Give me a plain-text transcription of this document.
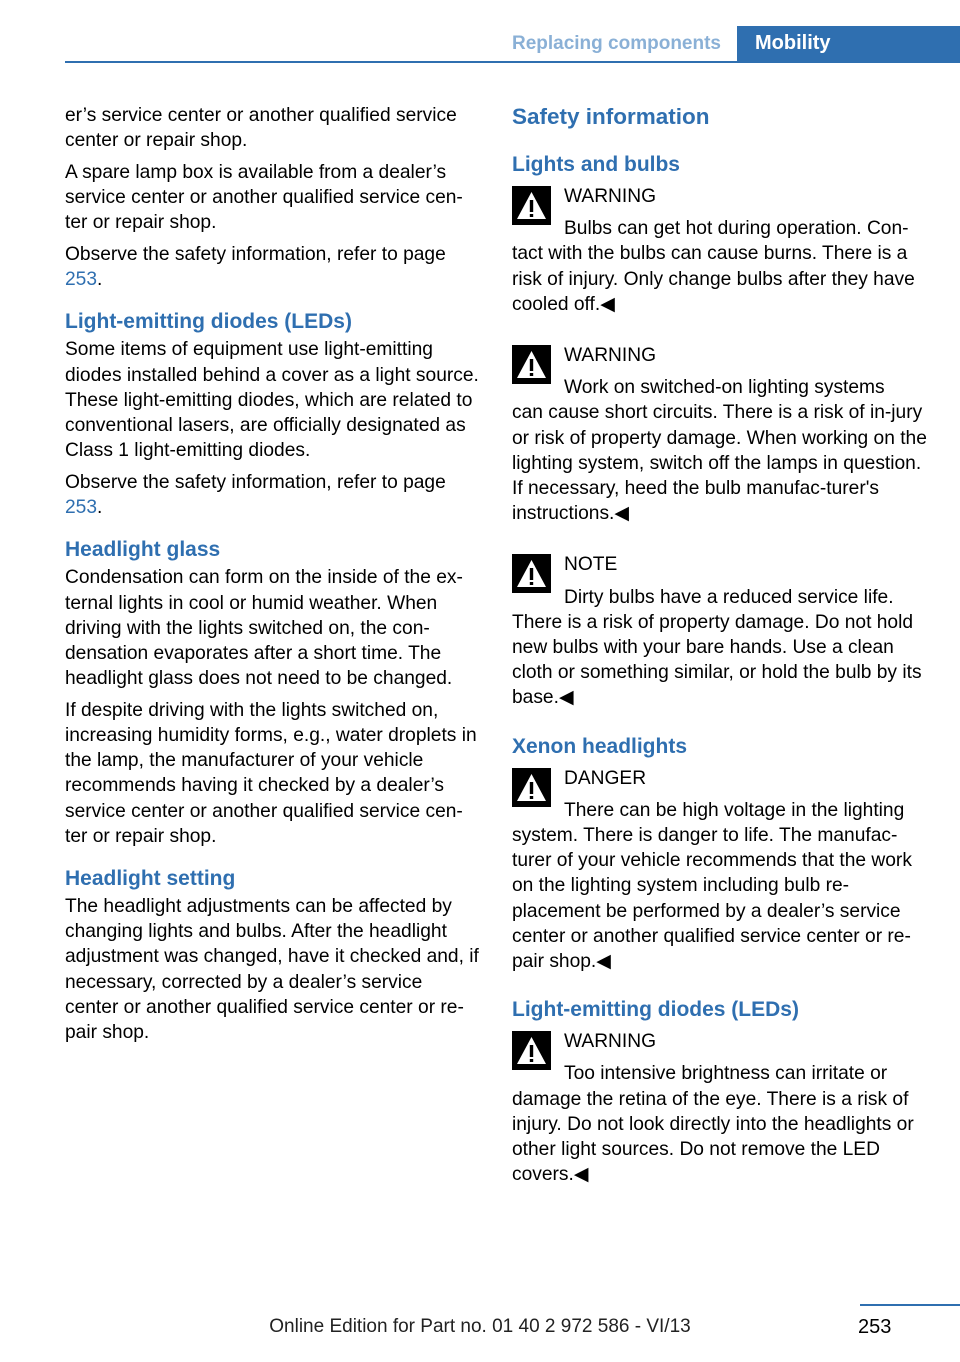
Replacing components	Mobility

er’s service center or another qualified service center or repair shop.

A spare lamp box is available from a dealer’s service center or another qualified service cen‐ter or repair shop.

Observe the safety information, refer to page 253.

Light-emitting diodes (LEDs)

Some items of equipment use light-emitting diodes installed behind a cover as a light source. These light-emitting diodes, which are related to conventional lasers, are officially designated as Class 1 light-emitting diodes.

Observe the safety information, refer to page 253.

Headlight glass

Condensation can form on the inside of the ex‐ternal lights in cool or humid weather. When driving with the lights switched on, the con‐densation evaporates after a short time. The headlight glass does not need to be changed.

If despite driving with the lights switched on, increasing humidity forms, e.g., water droplets in the lamp, the manufacturer of your vehicle recommends having it checked by a dealer’s service center or another qualified service cen‐ter or repair shop.

Headlight setting

The headlight adjustments can be affected by changing lights and bulbs. After the headlight adjustment was changed, have it checked and, if necessary, corrected by a dealer’s service center or another qualified service center or re‐pair shop.

Safety information
Lights and bulbs
WARNING
Bulbs can get hot during operation. Con‐
tact with the bulbs can cause burns. There is a risk of injury. Only change bulbs after they have cooled off.◀
WARNING
Work on switched-on lighting systems
can cause short circuits. There is a risk of in‐jury or risk of property damage. When working on the lighting system, switch off the lamps in question. If necessary, heed the bulb manufac‐turer's instructions.◀
NOTE
Dirty bulbs have a reduced service life.
There is a risk of property damage. Do not hold new bulbs with your bare hands. Use a clean cloth or something similar, or hold the bulb by its base.◀
Xenon headlights
DANGER
There can be high voltage in the lighting
system. There is danger to life. The manufac‐turer of your vehicle recommends that the work on the lighting system including bulb re‐placement be performed by a dealer’s service center or another qualified service center or re‐pair shop.◀
Light-emitting diodes (LEDs)
WARNING
Too intensive brightness can irritate or
damage the retina of the eye. There is a risk of injury. Do not look directly into the headlights or other light sources. Do not remove the LED covers.◀
253
Online Edition for Part no. 01 40 2 972 586 - VI/13
